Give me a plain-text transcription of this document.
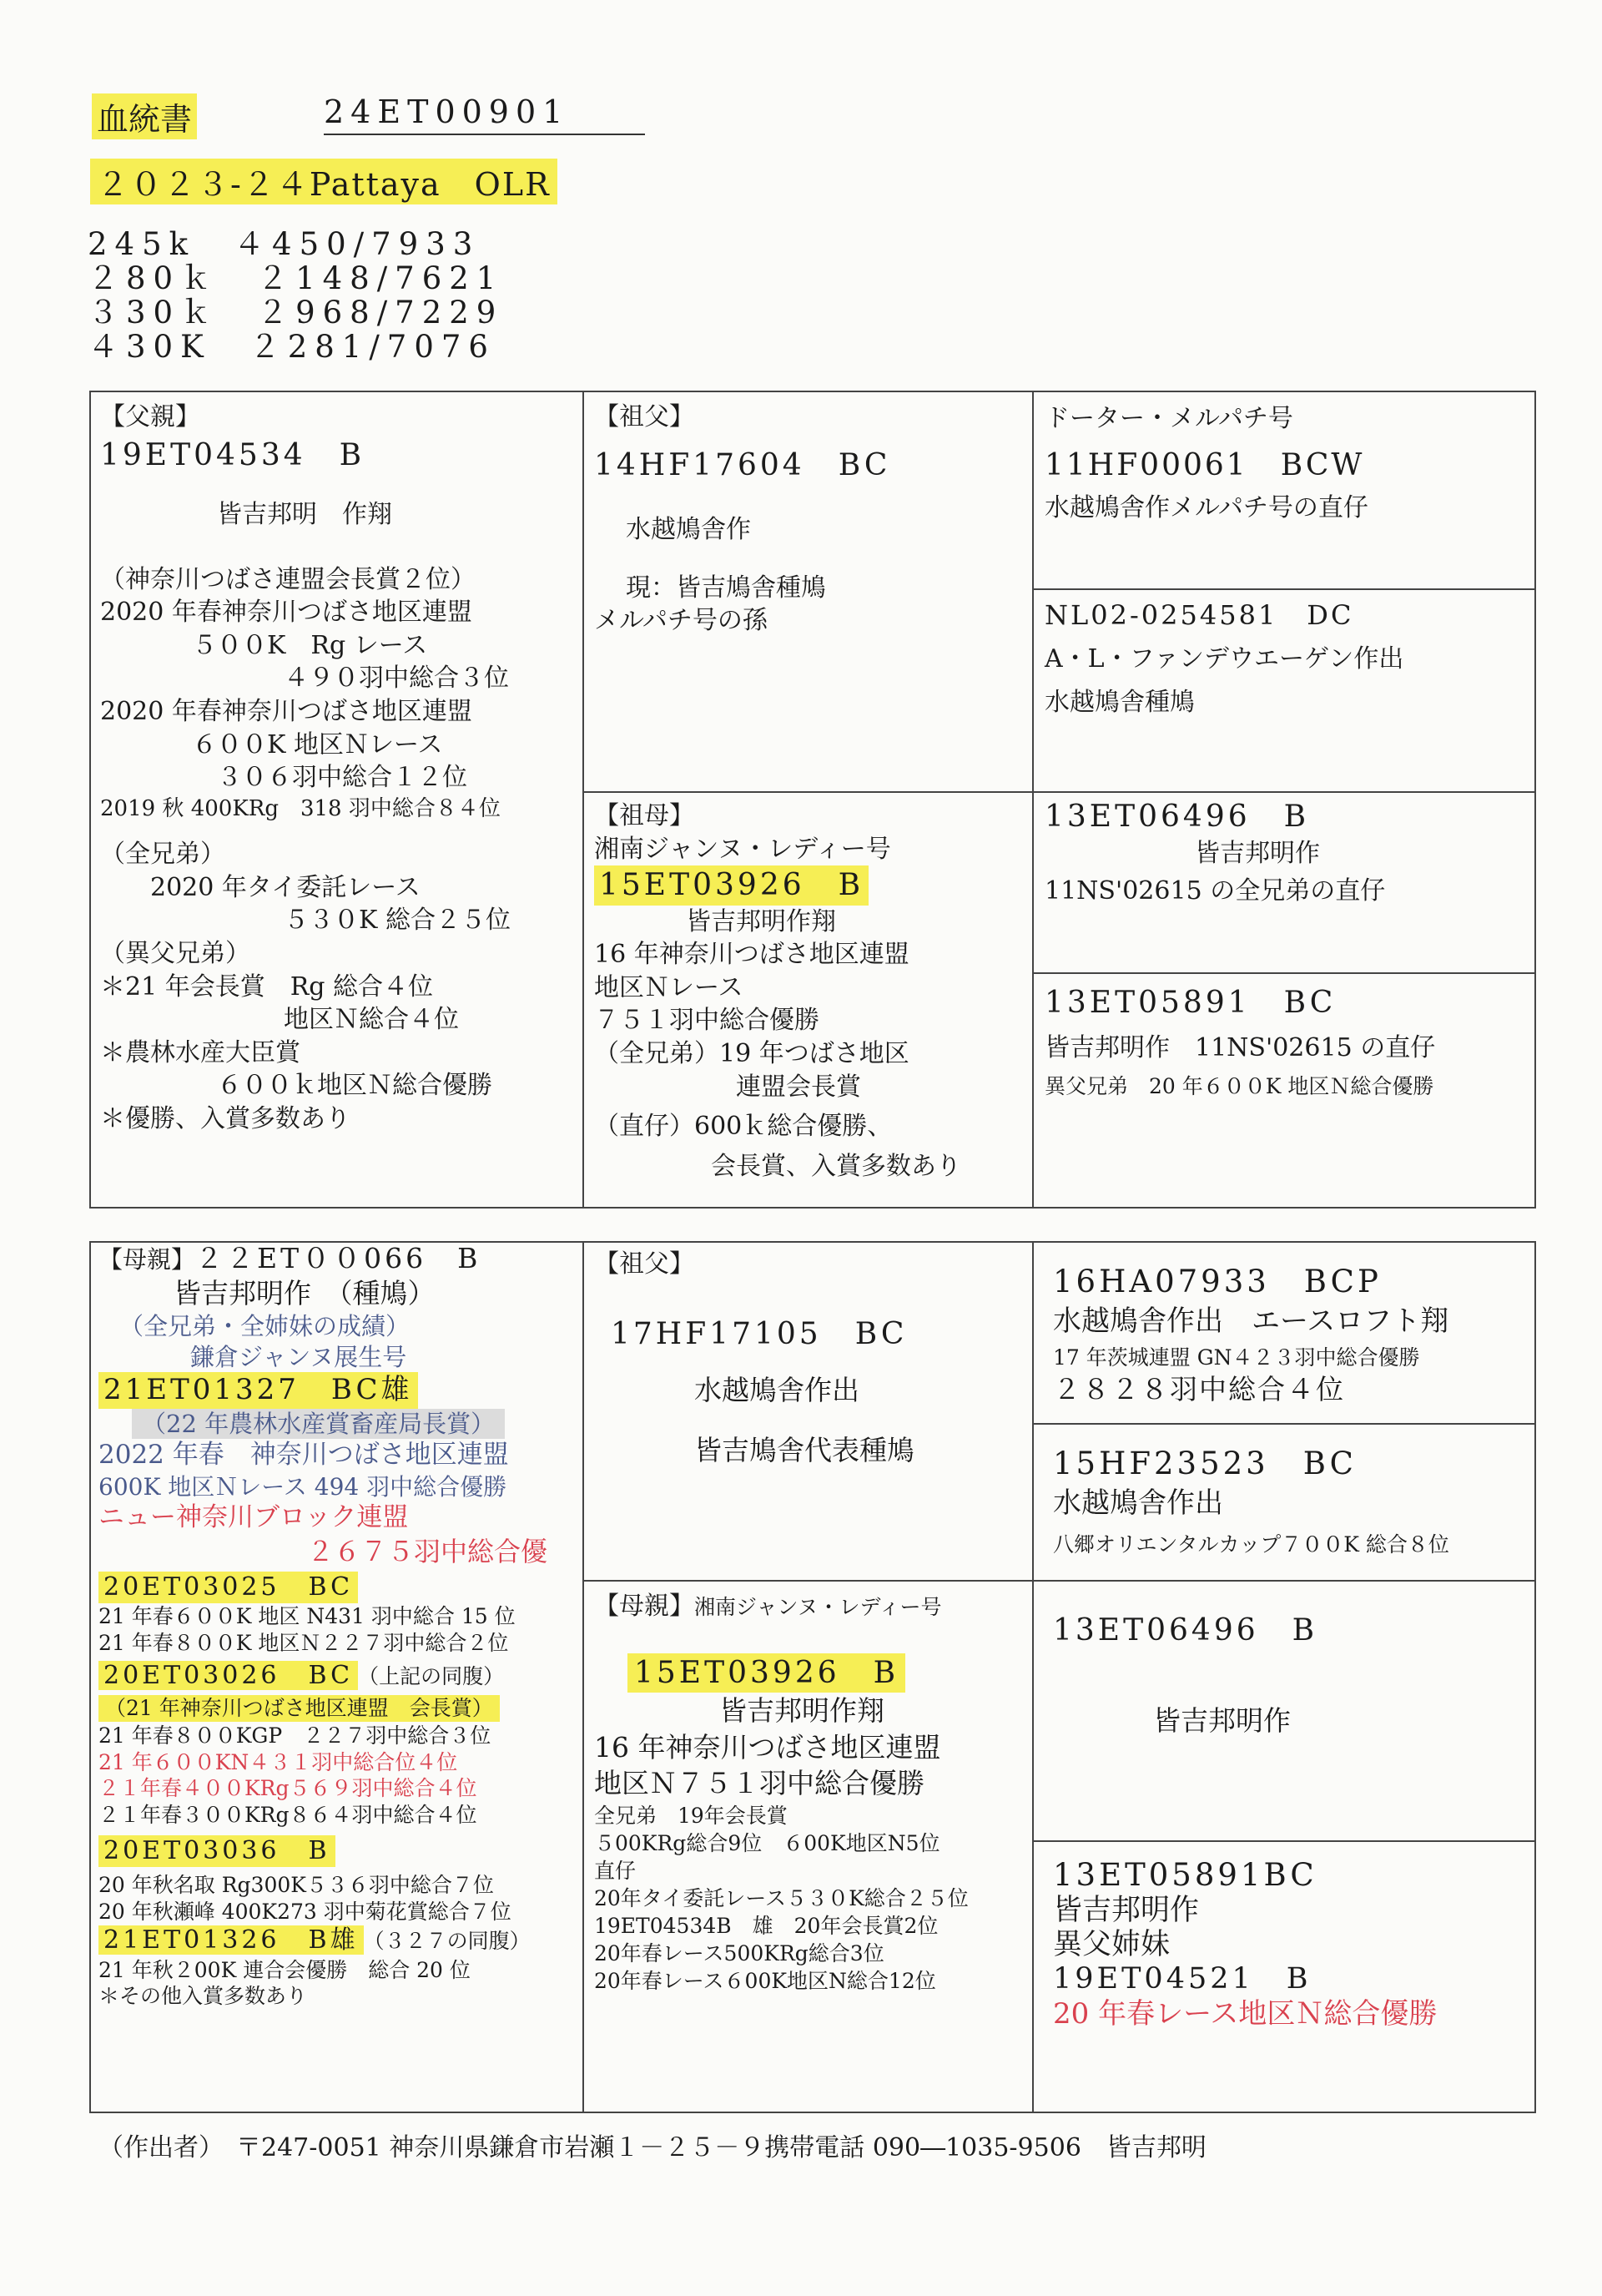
血統書	24ET00901
２０２３-２４Pattaya　OLR
245k　４450/7933
２80ｋ　２148/7621
３30ｋ　２968/7229
４30K　２281/7076
【父親】
19ET04534　B
皆吉邦明　作翔
（神奈川つばさ連盟会長賞２位）
2020 年春神奈川つばさ地区連盟
５００K　Rg レース
４９０羽中総合３位
2020 年春神奈川つばさ地区連盟
６００K 地区Ｎレース
３０６羽中総合１２位
2019 秋 400KRg　318 羽中総合８４位
（全兄弟）
2020 年タイ委託レース
５３０K 総合２５位
（異父兄弟）
＊21 年会長賞　Rg 総合４位
地区Ｎ総合４位
＊農林水産大臣賞
６００ｋ地区Ｎ総合優勝
＊優勝、入賞多数あり
【祖父】
14HF17604　BC
水越鳩舎作
現：皆吉鳩舎種鳩
メルパチ号の孫
【祖母】
湘南ジャンヌ・レディー号
15ET03926　B
皆吉邦明作翔
16 年神奈川つばさ地区連盟
地区Ｎレース
７５１羽中総合優勝
（全兄弟）19 年つばさ地区
連盟会長賞
（直仔）600ｋ総合優勝、
会長賞、入賞多数あり
ドーター・メルパチ号
11HF00061　BCW
水越鳩舎作メルパチ号の直仔
NL02-0254581　DC
A・L・ファンデウエーゲン作出
水越鳩舎種鳩
13ET06496　B
皆吉邦明作
11NS'02615 の全兄弟の直仔
13ET05891　BC
皆吉邦明作　11NS'02615 の直仔
異父兄弟　20 年６００K 地区Ｎ総合優勝
【母親】２２ET００066　B
皆吉邦明作　（種鳩）
（全兄弟・全姉妹の成績）
鎌倉ジャンヌ展生号
21ET01327　BC雄 （22 年農林水産賞畜産局長賞）
2022 年春　神奈川つばさ地区連盟
600K 地区Ｎレース 494 羽中総合優勝
ニュー神奈川ブロック連盟
２６７５羽中総合優
20ET03025　BC
21 年春６００K 地区 N431 羽中総合 15 位
21 年春８００K 地区Ｎ２２７羽中総合２位
20ET03026　BC （上記の同腹）
（21 年神奈川つばさ地区連盟　会長賞）
21 年春８００KGP　２２７羽中総合３位
21 年６００KN４３１羽中総合位４位
２１年春４００KRg５６９羽中総合４位
２１年春３００KRg８６４羽中総合４位
20ET03036　B
20 年秋名取 Rg300K５３６羽中総合７位
20 年秋瀬峰 400K273 羽中菊花賞総合７位
21ET01326　B雄 （３２７の同腹）
21 年秋２00K 連合会優勝　総合 20 位
＊その他入賞多数あり
【祖父】
17HF17105　BC
水越鳩舎作出
皆吉鳩舎代表種鳩
【母親】湘南ジャンヌ・レディー号
15ET03926　B
皆吉邦明作翔
16 年神奈川つばさ地区連盟
地区Ｎ７５１羽中総合優勝
全兄弟　19年会長賞
５00KRg総合9位　６00K地区N5位
直仔
20年タイ委託レース５３０K総合２５位
19ET04534B　雄　20年会長賞2位
20年春レース500KRg総合3位
20年春レース６00K地区N総合12位
16HA07933　BCP
水越鳩舎作出　エースロフト翔
17 年茨城連盟 GN４２３羽中総合優勝
２８２８羽中総合４位
15HF23523　BC
水越鳩舎作出
八郷オリエンタルカップ７００K 総合８位
13ET06496　B
皆吉邦明作
13ET05891BC
皆吉邦明作
異父姉妹
19ET04521　B
20 年春レース地区Ｎ総合優勝
（作出者）　〒247-0051 神奈川県鎌倉市岩瀬１－２５－９携帯電話 090―1035-9506　皆吉邦明
